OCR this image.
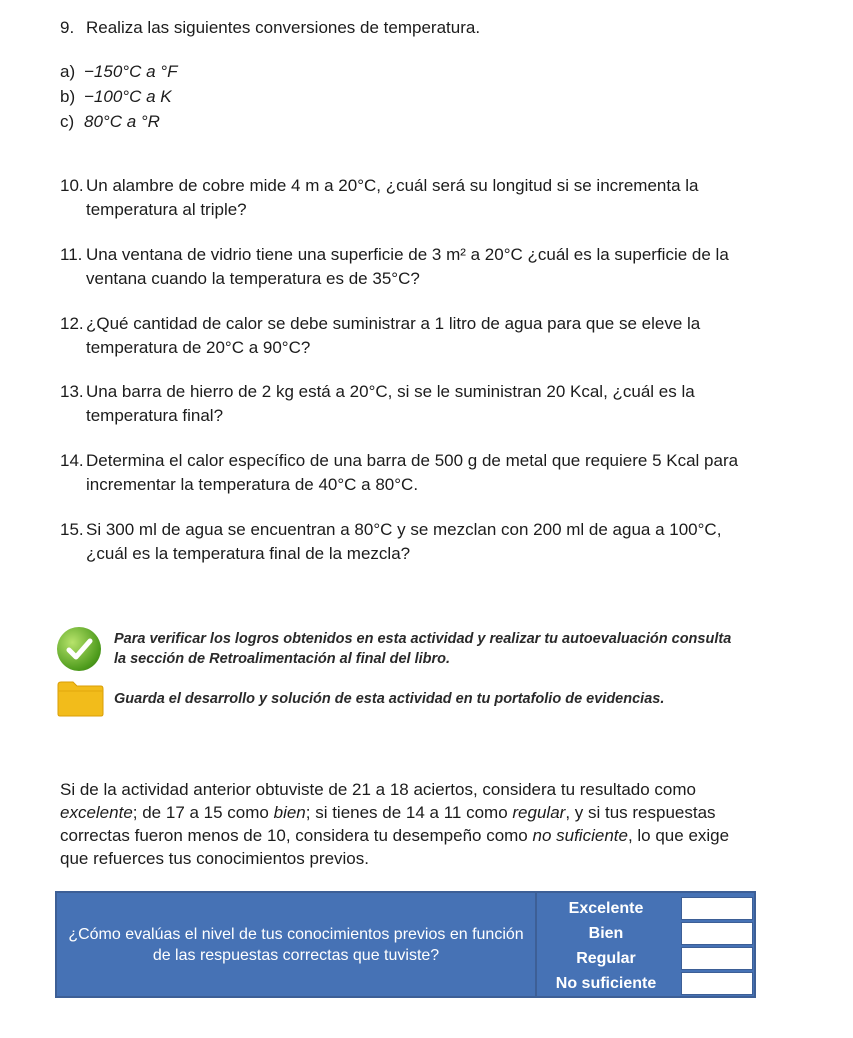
9. Realiza las siguientes conversiones de temperatura.
a) −150°C a °F
b) −100°C a K
c) 80°C a °R
10. Un alambre de cobre mide 4 m a 20°C, ¿cuál será su longitud si se incrementa la temperatura al triple?
11. Una ventana de vidrio tiene una superficie de 3 m² a 20°C ¿cuál es la superficie de la ventana cuando la temperatura es de 35°C?
12. ¿Qué cantidad de calor se debe suministrar a 1 litro de agua para que se eleve la temperatura de 20°C a 90°C?
13. Una barra de hierro de 2 kg está a 20°C, si se le suministran 20 Kcal, ¿cuál es la temperatura final?
14. Determina el calor específico de una barra de 500 g de metal que requiere 5 Kcal para incrementar la temperatura de 40°C a 80°C.
15. Si 300 ml de agua se encuentran a 80°C y se mezclan con 200 ml de agua a 100°C, ¿cuál es la temperatura final de la mezcla?
Para verificar los logros obtenidos en esta actividad y realizar tu autoevaluación consulta la sección de Retroalimentación al final del libro.
Guarda el desarrollo y solución de esta actividad en tu portafolio de evidencias.
Si de la actividad anterior obtuviste de 21 a 18 aciertos, considera tu resultado como excelente; de 17 a 15 como bien; si tienes de 14 a 11 como regular, y si tus respuestas correctas fueron menos de 10, considera tu desempeño como no suficiente, lo que exige que refuerces tus conocimientos previos.
¿Cómo evalúas el nivel de tus conocimientos previos en función de las respuestas correctas que tuviste?
Excelente
Bien
Regular
No suficiente
